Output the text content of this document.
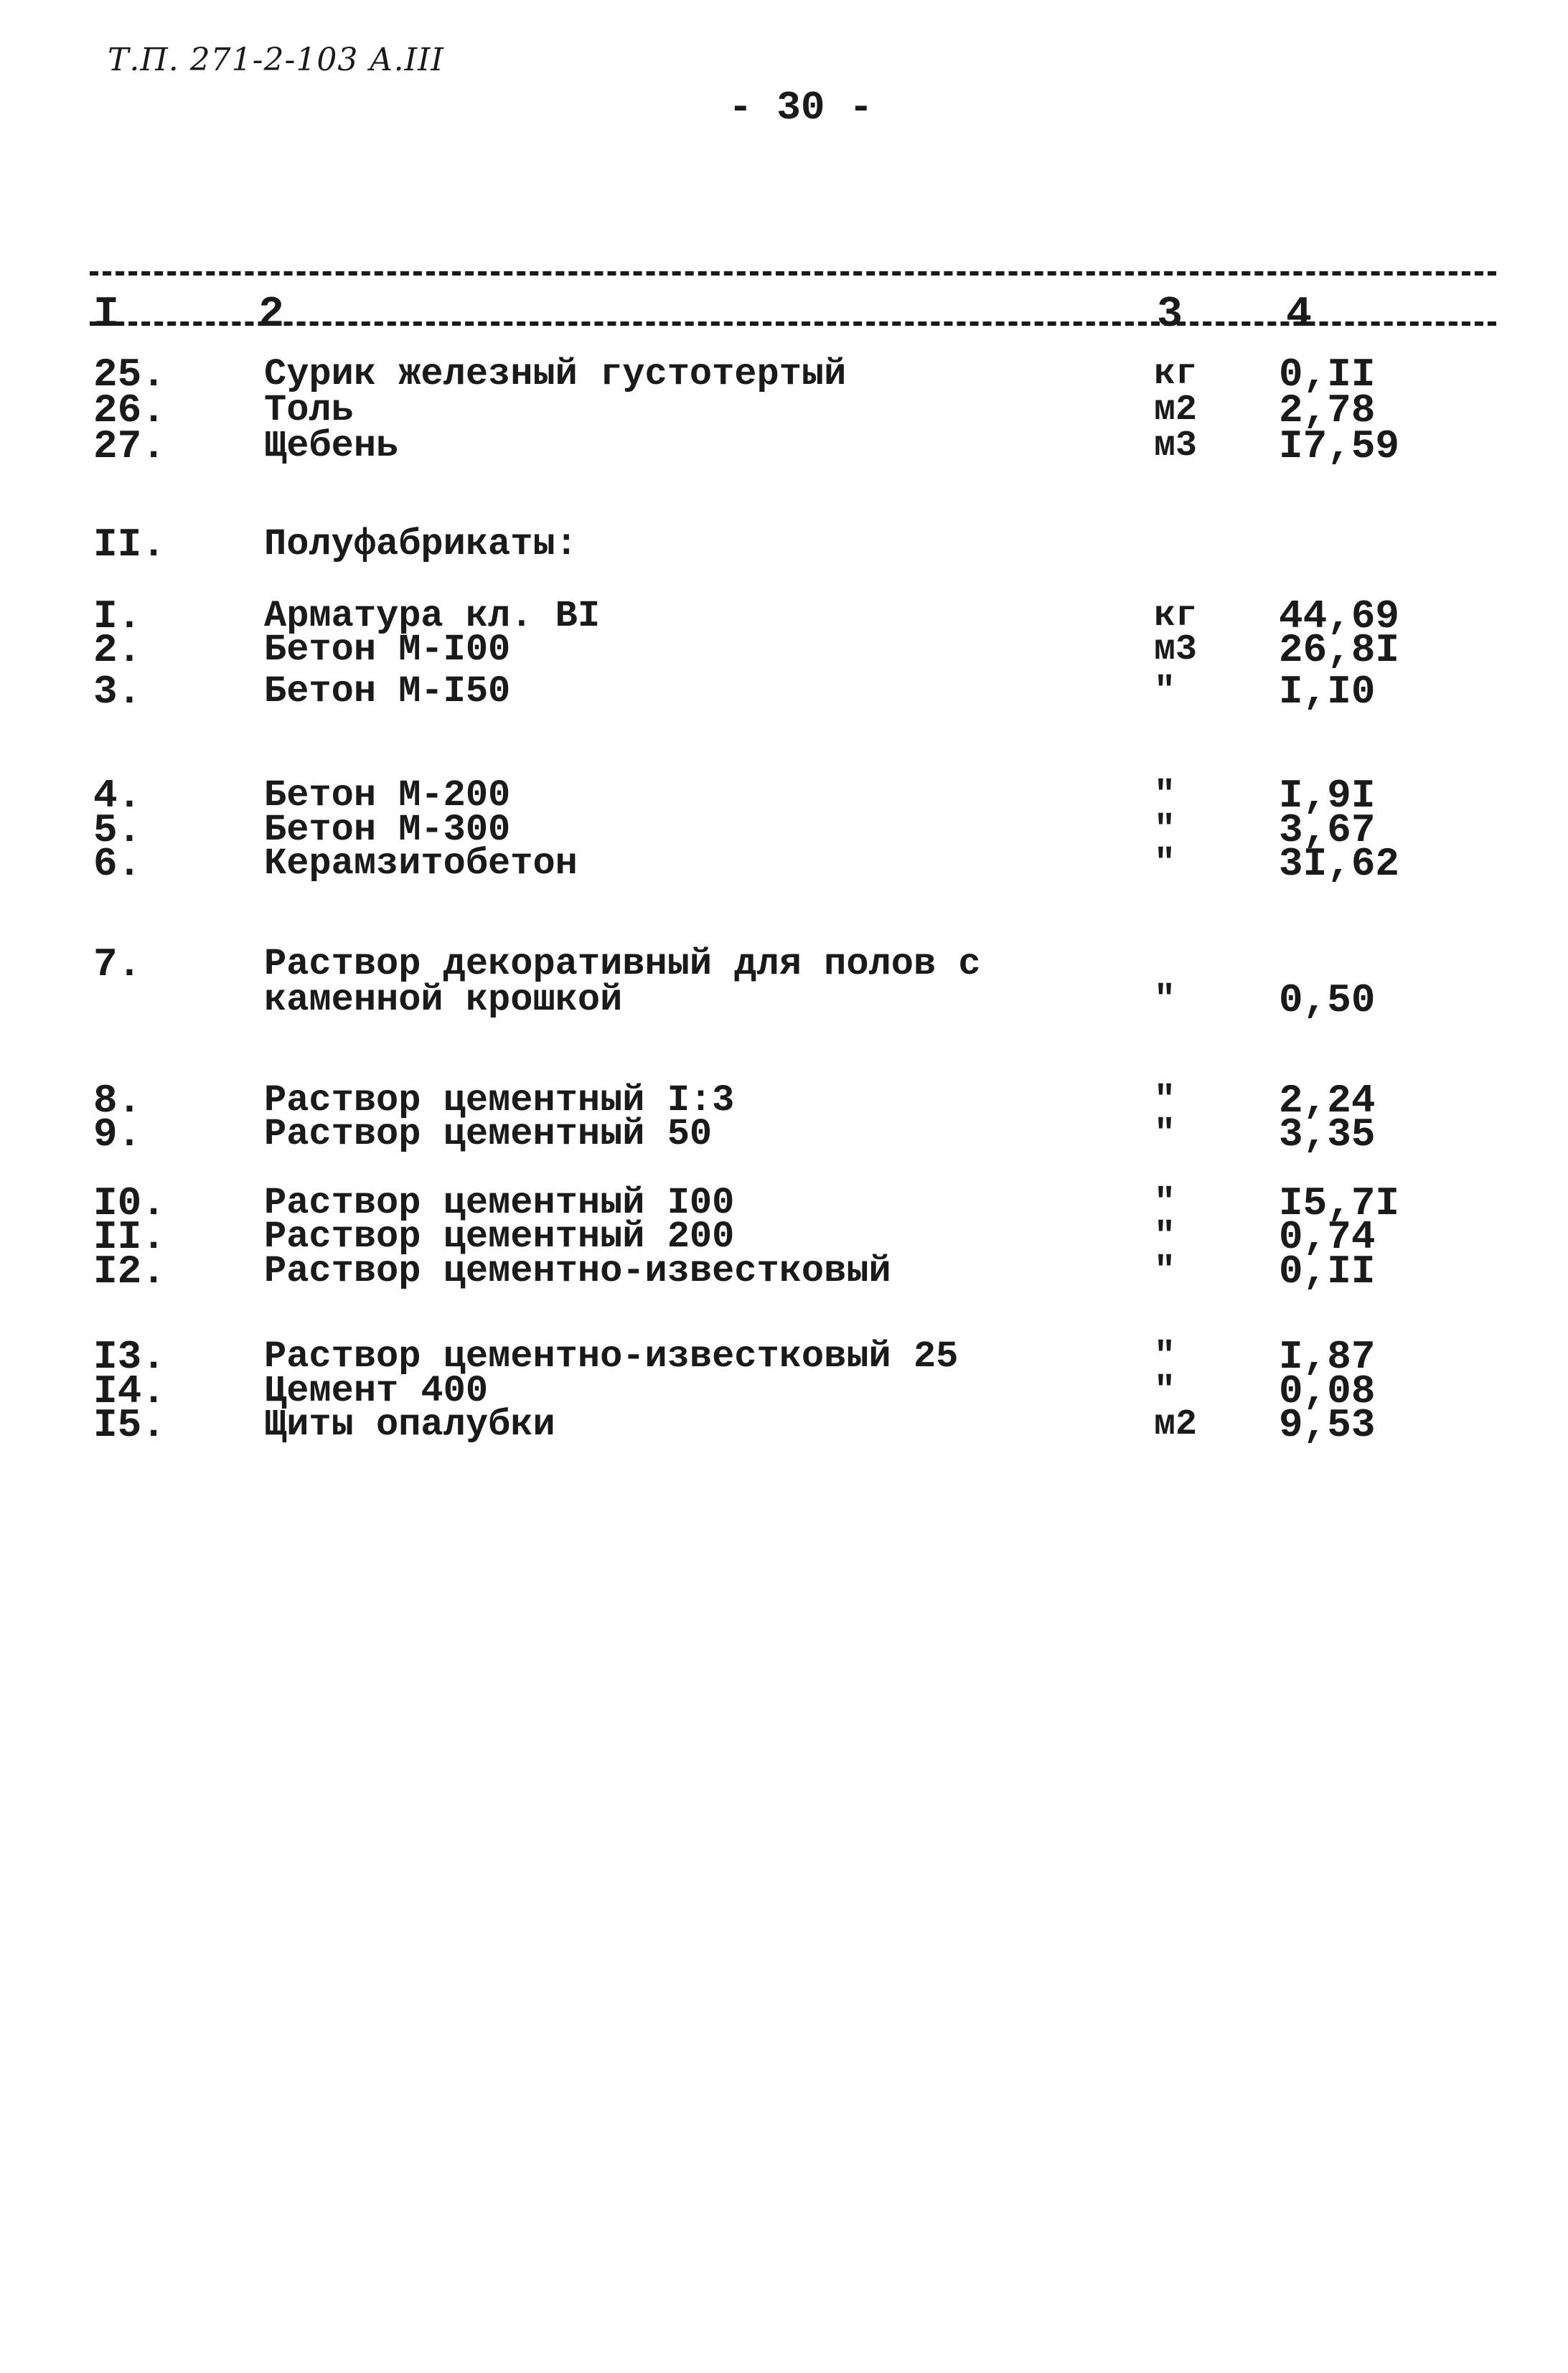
Т.П. 271-2-103 А.III
- 30 -
I	2	3 4
25.	Сурик железный густотертый	кг 0,II
26.	Толь	м2 2,78
27.	Щебень	м3 I7,59
II.	Полуфабрикаты:
I.	Арматура кл. BI	кг 44,69
2.	Бетон М-I00	м3 26,8I
3.	Бетон М-I50	"	I,I0
4.	Бетон М-200	"	I,9I
5.	Бетон М-300	"	3,67
6.	Керамзитобетон	"	3I,62
7.	Раствор декоративный для полов с
каменной крошкой	"	0,50
8.	Раствор цементный I:3	"	2,24
9.	Раствор цементный 50	"	3,35
I0.	Раствор цементный I00	"	I5,7I
II.	Раствор цементный 200	"	0,74
I2.	Раствор цементно-известковый	"	0,II
I3.	Раствор цементно-известковый 25	"	I,87
I4.	Цемент 400	"	0,08
I5.	Щиты опалубки	м2 9,53
